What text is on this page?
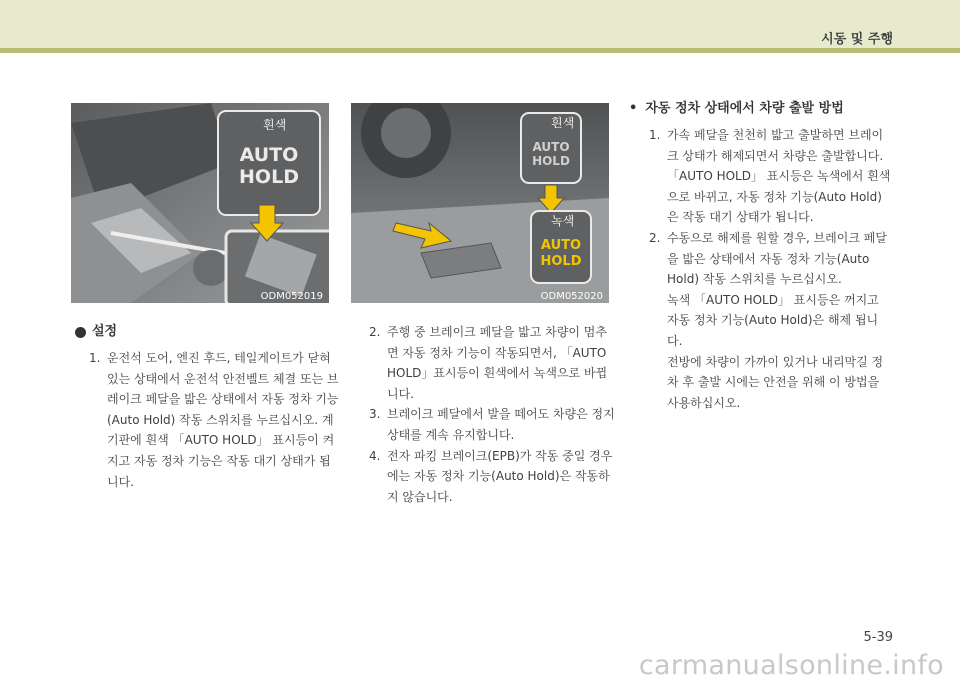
시동 및 주행
흰색
AUTO
HOLD
ODM052019
흰색
AUTO
HOLD
녹색
AUTO
HOLD
ODM052020
설정
1. 운전석 도어, 엔진 후드, 테일게이트가 닫혀 있는 상태에서 운전석 안전벨트 체결 또는 브레이크 페달을 밟은 상태에서 자동 정차 기능(Auto Hold) 작동 스위치를 누르십시오. 계기판에 흰색 「AUTO HOLD」 표시등이 켜지고 자동 정차 기능은 작동 대기 상태가 됩니다.
2. 주행 중 브레이크 페달을 밟고 차량이 멈추면 자동 정차 기능이 작동되면서, 「AUTO HOLD」표시등이 흰색에서 녹색으로 바뀝니다.
3. 브레이크 페달에서 발을 떼어도 차량은 정지 상태를 계속 유지합니다.
4. 전자 파킹 브레이크(EPB)가 작동 중일 경우에는 자동 정차 기능(Auto Hold)은 작동하지 않습니다.
• 자동 정차 상태에서 차량 출발 방법
1. 가속 페달을 천천히 밟고 출발하면 브레이크 상태가 해제되면서 차량은 출발합니다.
「AUTO HOLD」 표시등은 녹색에서 흰색으로 바뀌고, 자동 정차 기능(Auto Hold)은 작동 대기 상태가 됩니다.
2. 수동으로 해제를 원할 경우, 브레이크 페달을 밟은 상태에서 자동 정차 기능(Auto Hold) 작동 스위치를 누르십시오.
녹색 「AUTO HOLD」 표시등은 꺼지고 자동 정차 기능(Auto Hold)은 해제 됩니다.
전방에 차량이 가까이 있거나 내리막길 정차 후 출발 시에는 안전을 위해 이 방법을 사용하십시오.
5-39
carmanualsonline.info
